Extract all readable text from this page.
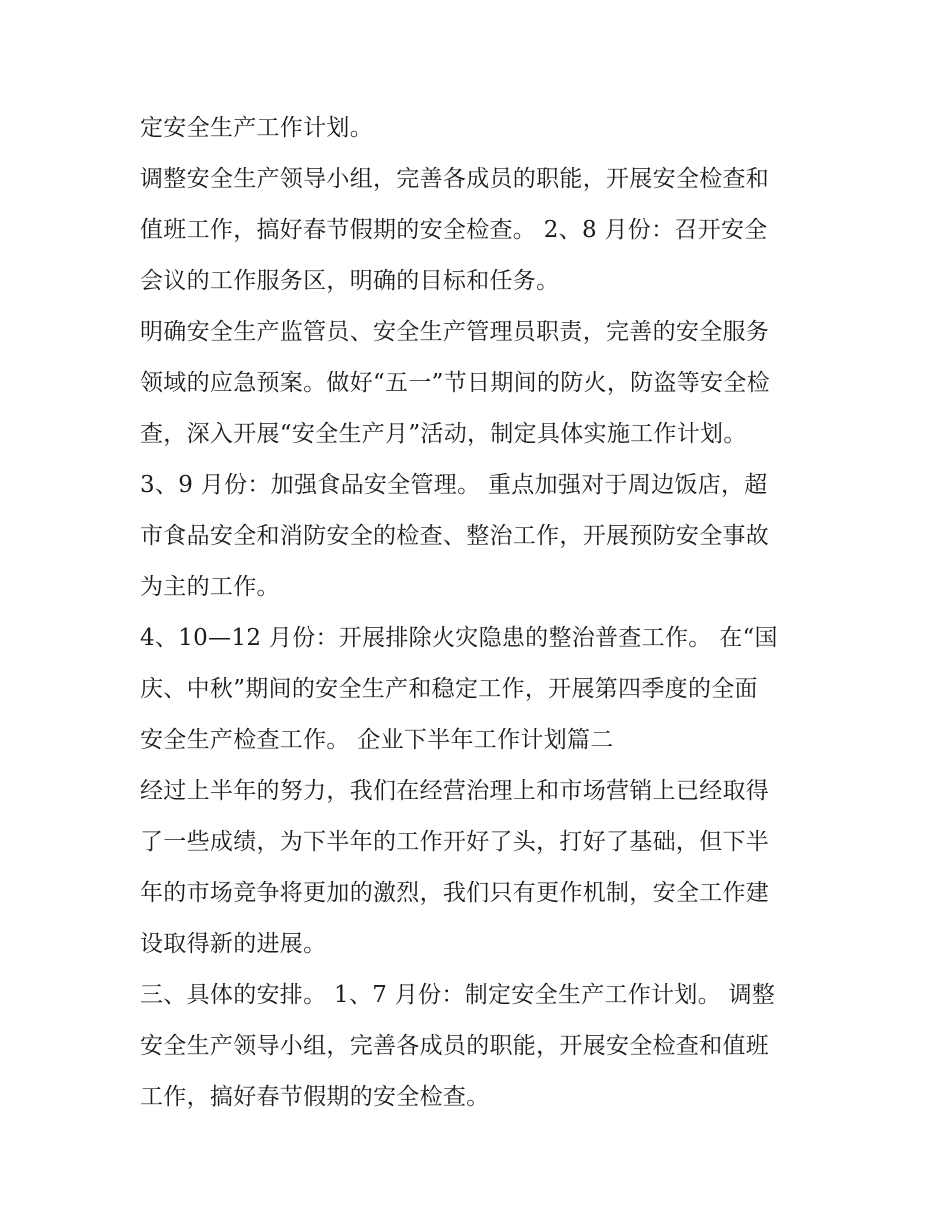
定安全生产工作计划。
调整安全生产领导小组，完善各成员的职能，开展安全检查和
值班工作，搞好春节假期的安全检查。 2、8 月份：召开安全
会议的工作服务区，明确的目标和任务。
明确安全生产监管员、安全生产管理员职责，完善的安全服务
领域的应急预案。做好“五一”节日期间的防火，防盗等安全检
查，深入开展“安全生产月”活动，制定具体实施工作计划。
3、9 月份：加强食品安全管理。 重点加强对于周边饭店，超
市食品安全和消防安全的检查、整治工作，开展预防安全事故
为主的工作。
4、10—12 月份：开展排除火灾隐患的整治普查工作。 在“国
庆、中秋”期间的安全生产和稳定工作，开展第四季度的全面
安全生产检查工作。 企业下半年工作计划篇二
经过上半年的努力，我们在经营治理上和市场营销上已经取得
了一些成绩，为下半年的工作开好了头，打好了基础，但下半
年的市场竞争将更加的激烈，我们只有更作机制，安全工作建
设取得新的进展。
三、具体的安排。 1、7 月份：制定安全生产工作计划。 调整
安全生产领导小组，完善各成员的职能，开展安全检查和值班
工作，搞好春节假期的安全检查。
